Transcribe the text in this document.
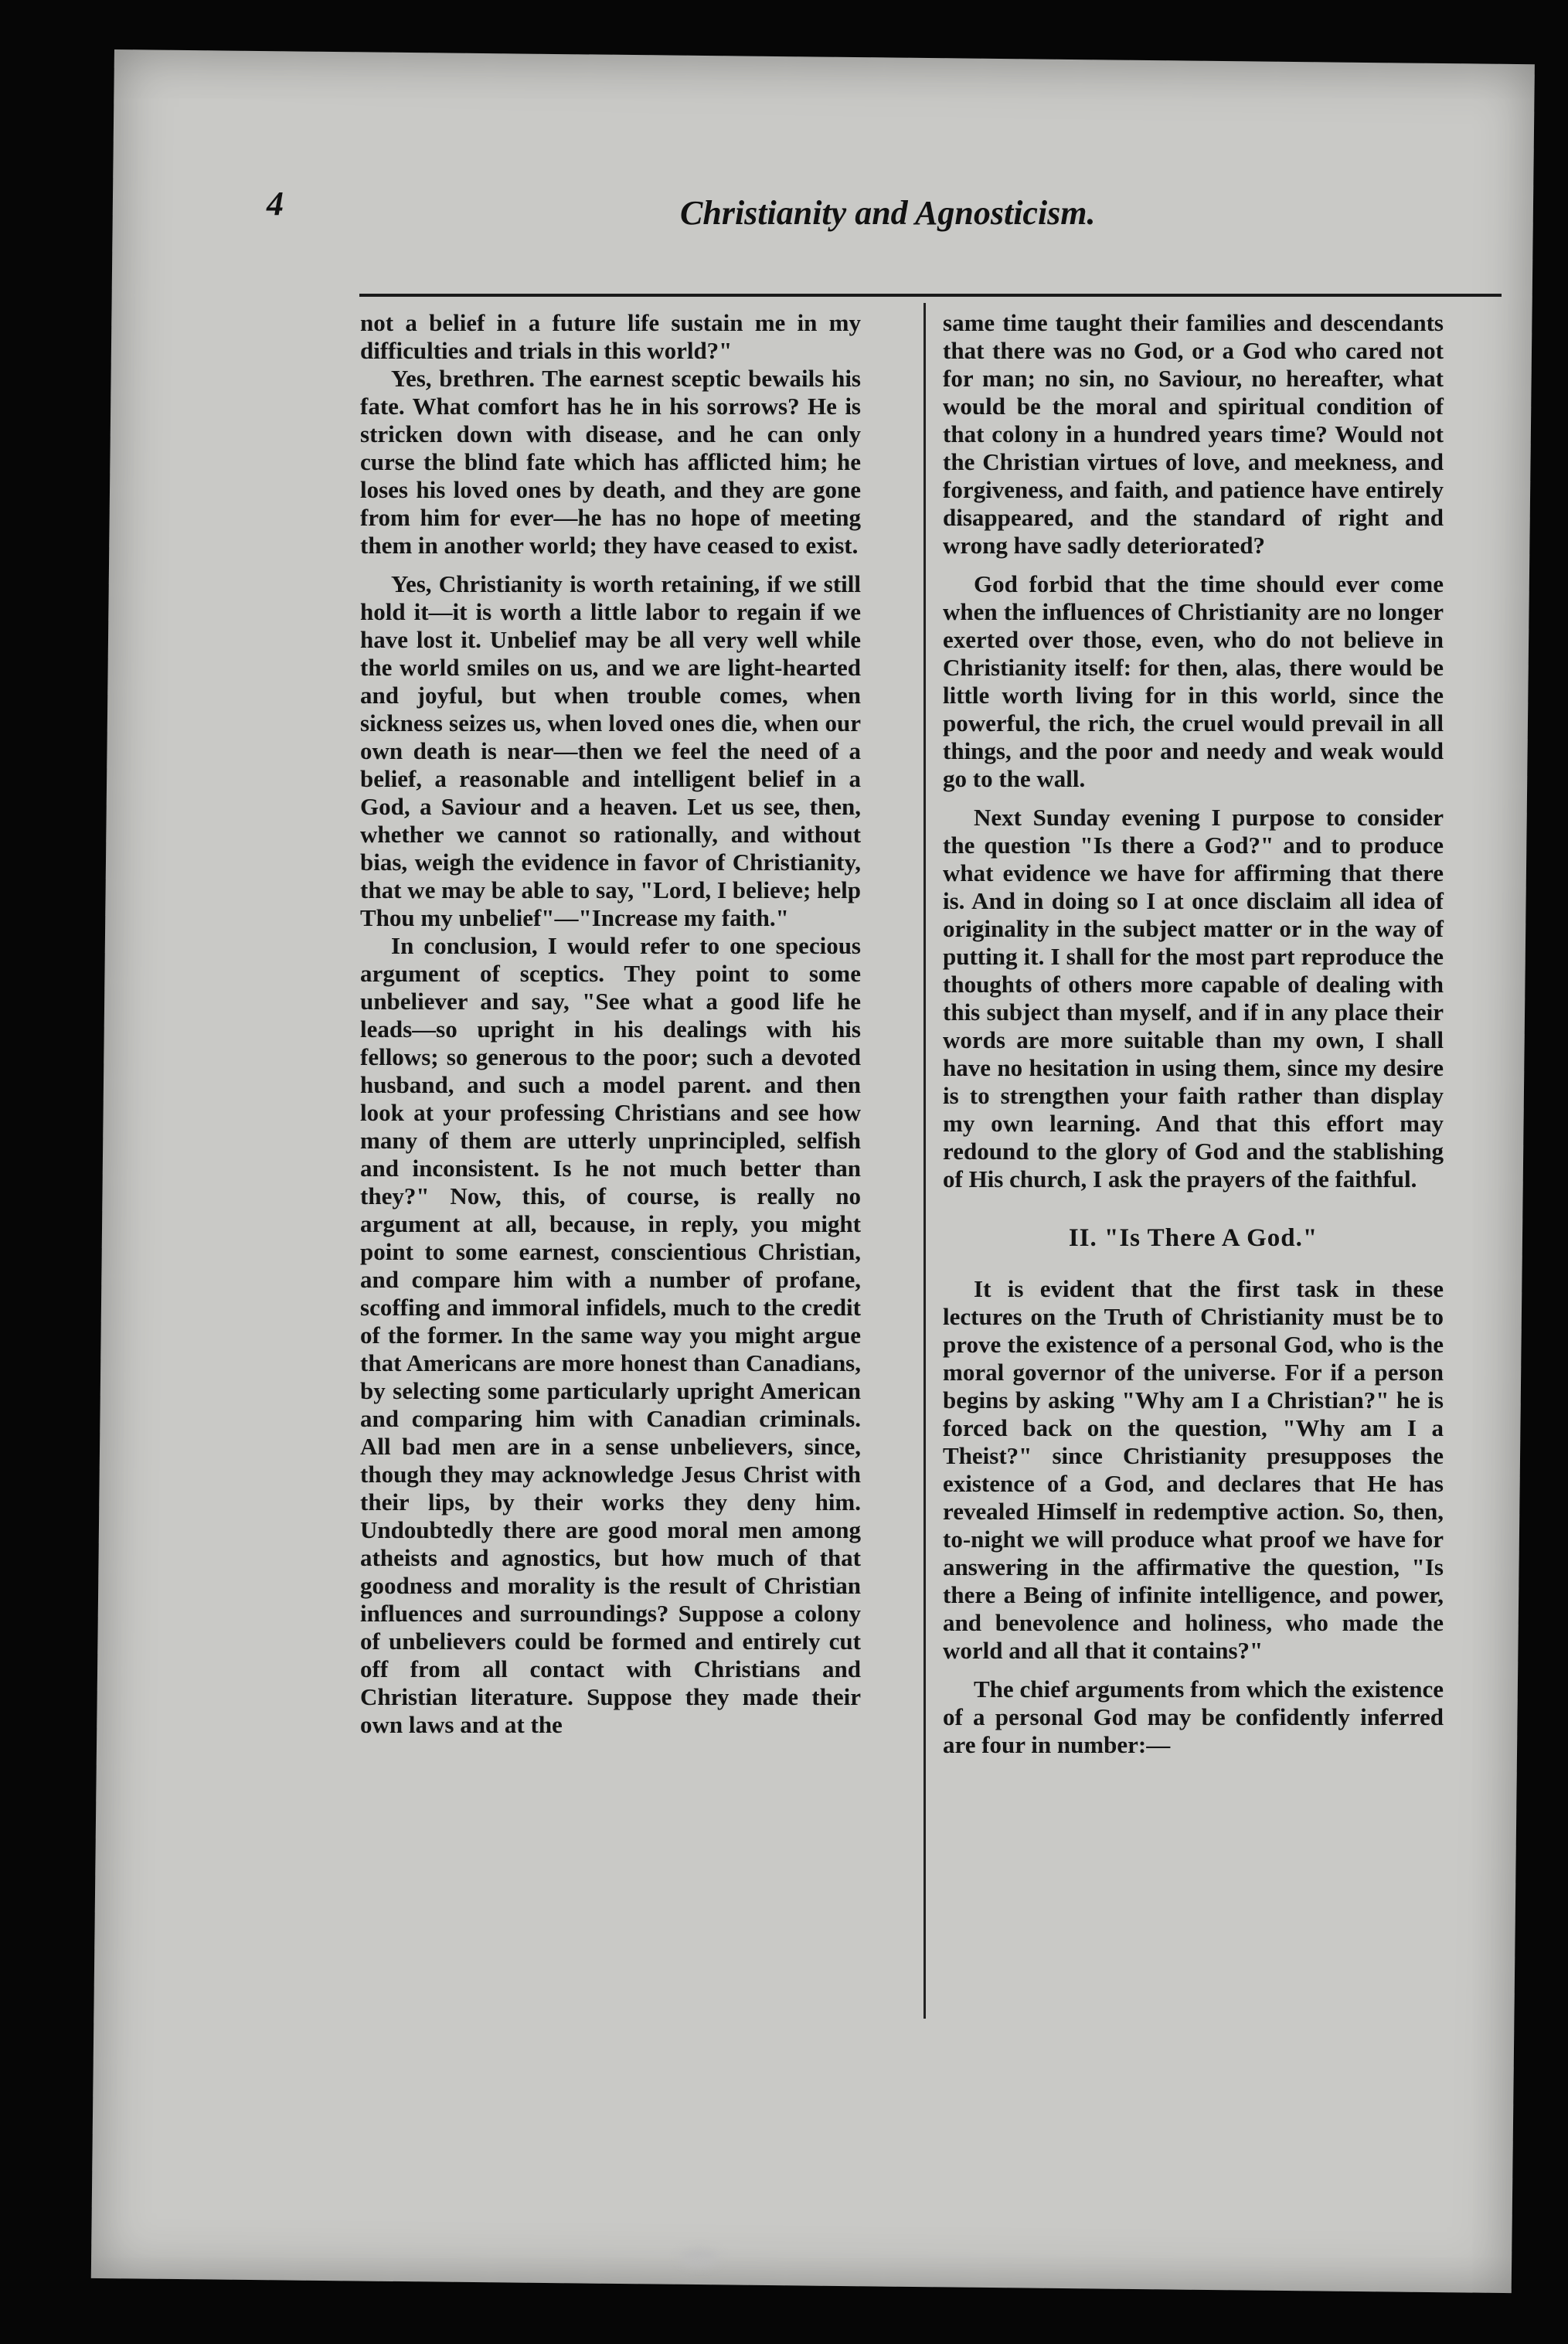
4	Christianity and Agnosticism.

not a belief in a future life sustain me in my difficulties and trials in this world?"

Yes, brethren. The earnest sceptic bewails his fate. What comfort has he in his sorrows? He is stricken down with disease, and he can only curse the blind fate which has afflicted him; he loses his loved ones by death, and they are gone from him for ever—he has no hope of meeting them in another world; they have ceased to exist.

Yes, Christianity is worth retaining, if we still hold it—it is worth a little labor to regain if we have lost it. Unbelief may be all very well while the world smiles on us, and we are light-hearted and joyful, but when trouble comes, when sickness seizes us, when loved ones die, when our own death is near—then we feel the need of a belief, a reasonable and intelligent belief in a God, a Saviour and a heaven. Let us see, then, whether we cannot so rationally, and without bias, weigh the evidence in favor of Christianity, that we may be able to say, "Lord, I believe; help Thou my unbelief"—"Increase my faith."

In conclusion, I would refer to one specious argument of sceptics. They point to some unbeliever and say, "See what a good life he leads—so upright in his dealings with his fellows; so generous to the poor; such a devoted husband, and such a model parent. and then look at your professing Christians and see how many of them are utterly unprincipled, selfish and inconsistent. Is he not much better than they?" Now, this, of course, is really no argument at all, because, in reply, you might point to some earnest, conscientious Christian, and compare him with a number of profane, scoffing and immoral infidels, much to the credit of the former. In the same way you might argue that Americans are more honest than Canadians, by selecting some particularly upright American and comparing him with Canadian criminals. All bad men are in a sense unbelievers, since, though they may acknowledge Jesus Christ with their lips, by their works they deny him. Undoubtedly there are good moral men among atheists and agnostics, but how much of that goodness and morality is the result of Christian influences and surroundings? Suppose a colony of unbelievers could be formed and entirely cut off from all contact with Christians and Christian literature. Suppose they made their own laws and at the

same time taught their families and descendants that there was no God, or a God who cared not for man; no sin, no Saviour, no hereafter, what would be the moral and spiritual condition of that colony in a hundred years time? Would not the Christian virtues of love, and meekness, and forgiveness, and faith, and patience have entirely disappeared, and the standard of right and wrong have sadly deteriorated?

God forbid that the time should ever come when the influences of Christianity are no longer exerted over those, even, who do not believe in Christianity itself: for then, alas, there would be little worth living for in this world, since the powerful, the rich, the cruel would prevail in all things, and the poor and needy and weak would go to the wall.

Next Sunday evening I purpose to consider the question "Is there a God?" and to produce what evidence we have for affirming that there is. And in doing so I at once disclaim all idea of originality in the subject matter or in the way of putting it. I shall for the most part reproduce the thoughts of others more capable of dealing with this subject than myself, and if in any place their words are more suitable than my own, I shall have no hesitation in using them, since my desire is to strengthen your faith rather than display my own learning. And that this effort may redound to the glory of God and the stablishing of His church, I ask the prayers of the faithful.

II. "Is There A God."

It is evident that the first task in these lectures on the Truth of Christianity must be to prove the existence of a personal God, who is the moral governor of the universe. For if a person begins by asking "Why am I a Christian?" he is forced back on the question, "Why am I a Theist?" since Christianity presupposes the existence of a God, and declares that He has revealed Himself in redemptive action. So, then, to-night we will produce what proof we have for answering in the affirmative the question, "Is there a Being of infinite intelligence, and power, and benevolence and holiness, who made the world and all that it contains?"

The chief arguments from which the existence of a personal God may be confidently inferred are four in number:—
